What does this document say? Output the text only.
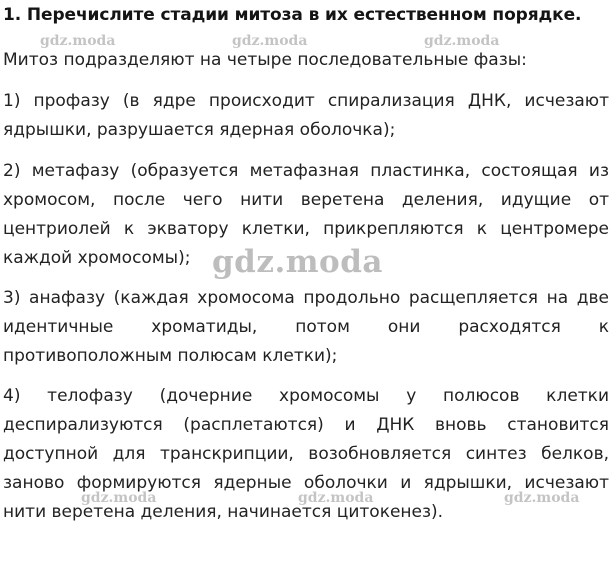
1. Перечислите стадии митоза в их естественном порядке.
Митоз подразделяют на четыре последовательные фазы:
1) профазу (в ядре происходит спирализация ДНК, исчезают ядрышки, разрушается ядерная оболочка);
2) метафазу (образуется метафазная пластинка, состоящая из хромосом, после чего нити веретена деления, идущие от центриолей к экватору клетки, прикрепляются к центромере каждой хромосомы);
3) анафазу (каждая хромосома продольно расщепляется на две идентичные хроматиды, потом они расходятся к противоположным полюсам клетки);
4) телофазу (дочерние хромосомы у полюсов клетки деспирализуются (расплетаются) и ДНК вновь становится доступной для транскрипции, возобновляется синтез белков, заново формируются ядерные оболочки и ядрышки, исчезают нити веретена деления, начинается цитокенез).
gdz.moda	gdz.moda	gdz.moda
gdz.moda
gdz.moda	gdz.moda	gdz.moda
